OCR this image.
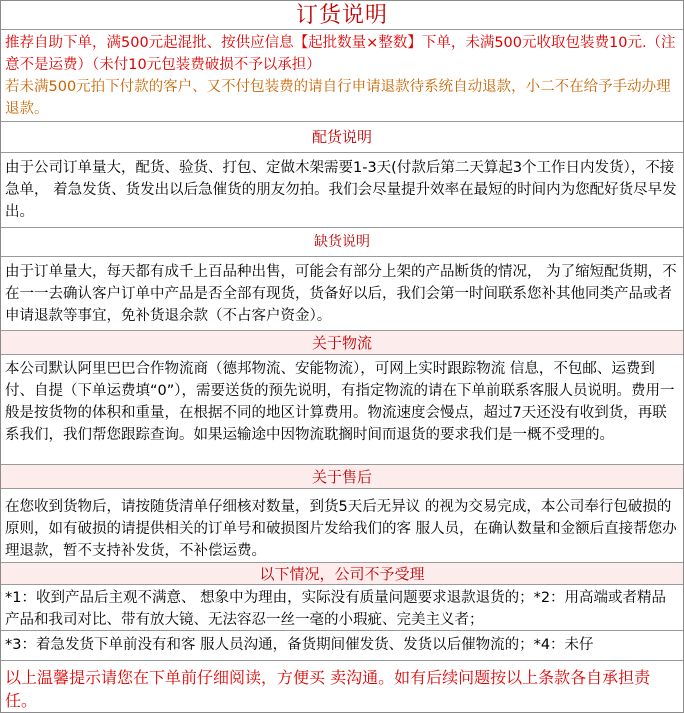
订货说明
推荐自助下单，满500元起混批、按供应信息【起批数量×整数】下单，未满500元收取包装费10元.（注意不是运费）（未付10元包装费破损不予以承担）
若未满500元拍下付款的客户、又不付包装费的请自行申请退款待系统自动退款，小二不在给予手动办理退款。
配货说明
由于公司订单量大，配货、验货、打包、定做木架需要1-3天(付款后第二天算起3个工作日内发货），不接急单， 着急发货、货发出以后急催货的朋友勿拍。我们会尽量提升效率在最短的时间内为您配好货尽早发出。
缺货说明
由于订单量大，每天都有成千上百品种出售，可能会有部分上架的产品断货的情况， 为了缩短配货期，不在一一去确认客户订单中产品是否全部有现货，货备好以后，我们会第一时间联系您补其他同类产品或者申请退款等事宜，免补货退余款（不占客户资金）。
关于物流
本公司默认阿里巴巴合作物流商（德邦物流、安能物流），可网上实时跟踪物流 信息，不包邮、运费到付、自提（下单运费填“0”），需要送货的预先说明，有指定物流的请在下单前联系客服人员说明。费用一般是按货物的体积和重量，在根据不同的地区计算费用。物流速度会慢点，超过7天还没有收到货，再联系我们，我们帮您跟踪查询。如果运输途中因物流耽搁时间而退货的要求我们是一概不受理的。
关于售后
在您收到货物后，请按随货清单仔细核对数量，到货5天后无异议 的视为交易完成，本公司奉行包破损的原则，如有破损的请提供相关的订单号和破损图片发给我们的客 服人员，在确认数量和金额后直接帮您办理退款，暂不支持补发货，不补偿运费。
以下情况，公司不予受理
*1：收到产品后主观不满意、 想象中为理由，实际没有质量问题要求退款退货的；*2：用高端或者精品产品和我司对比、带有放大镜、无法容忍一丝一毫的小瑕疵、完美主义者；
*3：着急发货下单前没有和客 服人员沟通，备货期间催发货、发货以后催物流的；*4：未仔
以上温馨提示请您在下单前仔细阅读，方便买 卖沟通。如有后续问题按以上条款各自承担责任。
